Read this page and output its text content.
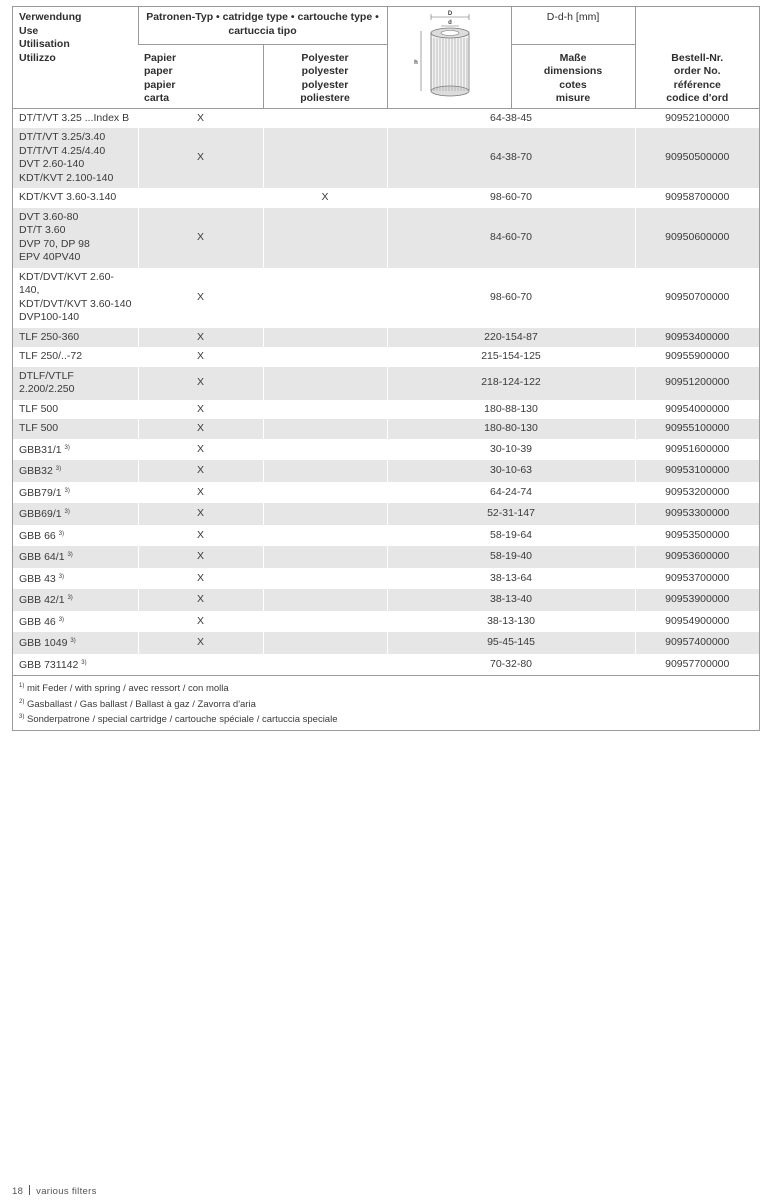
Verwendung
Use
Utilisation
Utilizzo	Patronen-Typ • catridge type • cartouche type •
cartuccia tipo		D
d
h	D-d-h [mm]	

	Papier
paper
papier
carta	Polyester
polyester
polyester
poliestere		Maße
dimensions
cotes
misure	Bestell-Nr.
order No.
référence
codice d'ord

DT/T/VT 3.25 ...Index B	X		64-38-45		90952100000

DT/T/VT 3.25/3.40
DT/T/VT 4.25/4.40
DVT 2.60-140
KDT/KVT 2.100-140	X		64-38-70		90950500000

KDT/KVT 3.60-3.140		X	98-60-70		90958700000

DVT 3.60-80
DT/T 3.60
DVP 70, DP 98
EPV 40PV40	X		84-60-70		90950600000

KDT/DVT/KVT 2.60-140,
KDT/DVT/KVT 3.60-140
DVP100-140	X		98-60-70		90950700000

TLF 250-360	X		220-154-87		90953400000

TLF 250/..-72	X		215-154-125		90955900000

DTLF/VTLF 2.200/2.250	X		218-124-122		90951200000

TLF 500	X		180-88-130		90954000000

TLF 500	X		180-80-130		90955100000

GBB31/1 $^{3)}$	X		30-10-39		90951600000

GBB32 $^{3)}$	X		30-10-63		90953100000

GBB79/1 $^{3)}$	X		64-24-74		90953200000

GBB69/1 $^{3)}$	X		52-31-147		90953300000

GBB 66 $^{3)}$	X		58-19-64		90953500000

GBB 64/1 $^{3)}$	X		58-19-40		90953600000

GBB 43 $^{3)}$	X		38-13-64		90953700000

GBB 42/1 $^{3)}$	X		38-13-40		90953900000

GBB 46 $^{3)}$	X		38-13-130		90954900000

GBB 1049 $^{3)}$	X		95-45-145		90957400000

GBB 731142 $^{3)}$			70-32-80		90957700000
$^{1)}$ mit Feder / with spring / avec ressort / con molla
$^{2)}$ Gasballast / Gas ballast / Ballast à gaz / Zavorra d'aria
$^{3)}$ Sonderpatrone / special cartridge / cartouche spéciale / cartuccia speciale
18 various filters
